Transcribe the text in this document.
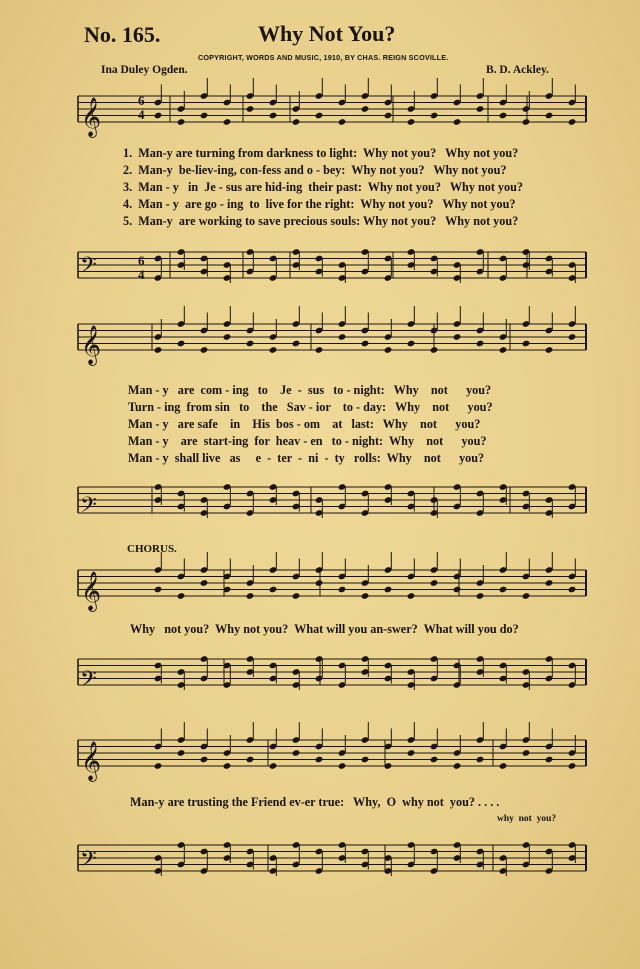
No. 165.	Why Not You?
COPYRIGHT, WORDS AND MUSIC, 1910, BY CHAS. REIGN SCOVILLE.
Ina Duley Ogden.	B. D. Ackley.
𝄞
𝄢
𝄞
𝄢
𝄞
𝄢
𝄞
𝄢
6
4
6
4
1.  Man-y are turning from darkness to light:  Why not you?   Why not you?
2.  Man-y  be-liev-ing, con-fess and o - bey:  Why not you?   Why not you?
3.  Man - y   in  Je - sus are hid-ing  their past:  Why not you?   Why not you?
4.  Man - y  are go - ing  to  live for the right:  Why not you?   Why not you?
5.  Man-y  are working to save precious souls: Why not you?   Why not you?
Man - y   are  com - ing   to    Je  -  sus   to - night:   Why    not      you?
Turn - ing  from sin   to    the   Sav - ior    to - day:   Why    not      you?
Man - y   are safe    in    His  bos - om    at   last:   Why    not      you?
Man - y    are  start-ing  for  heav - en   to - night:  Why    not      you?
Man - y  shall live   as     e  -  ter  -  ni  -  ty   rolls:  Why    not      you?
CHORUS.
Why   not you?  Why not you?  What will you an-swer?  What will you do?
Man-y are trusting the Friend ev-er true:   Why,  O  why not  you? . . . .
why  not  you?
